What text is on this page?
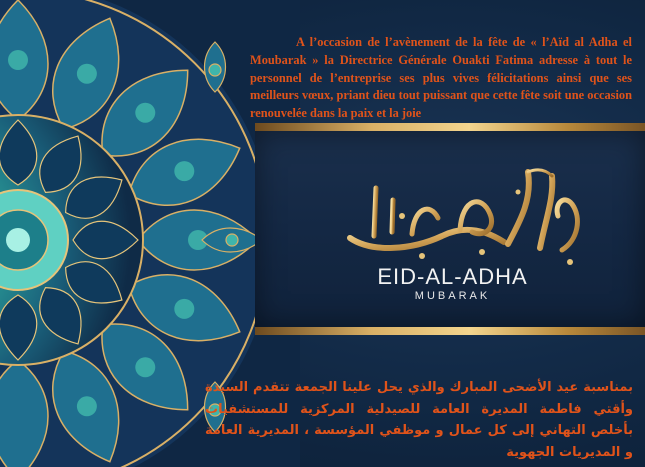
A l’occasion de l’avènement de la fête de « l’Aïd al Adha el Moubarak » la Directrice Générale Ouakti Fatima adresse à tout le personnel de l’entreprise ses plus vives félicitations ainsi que ses meilleurs vœux, priant dieu tout puissant que cette fête soit une occasion renouvelée dans la paix et la joie

EID-AL-ADHA
MUBARAK

بمناسبة عيد الأضحى المبارك والذي يحل علينا الجمعة تتقدم السيدة وأقتي فاطمة المديرة العامة للصيدلية المركزية للمستشفيات بأخلص التهاني إلى كل عمال و موظفي المؤسسة ، المديرية العامة و المديريات الجهوية
